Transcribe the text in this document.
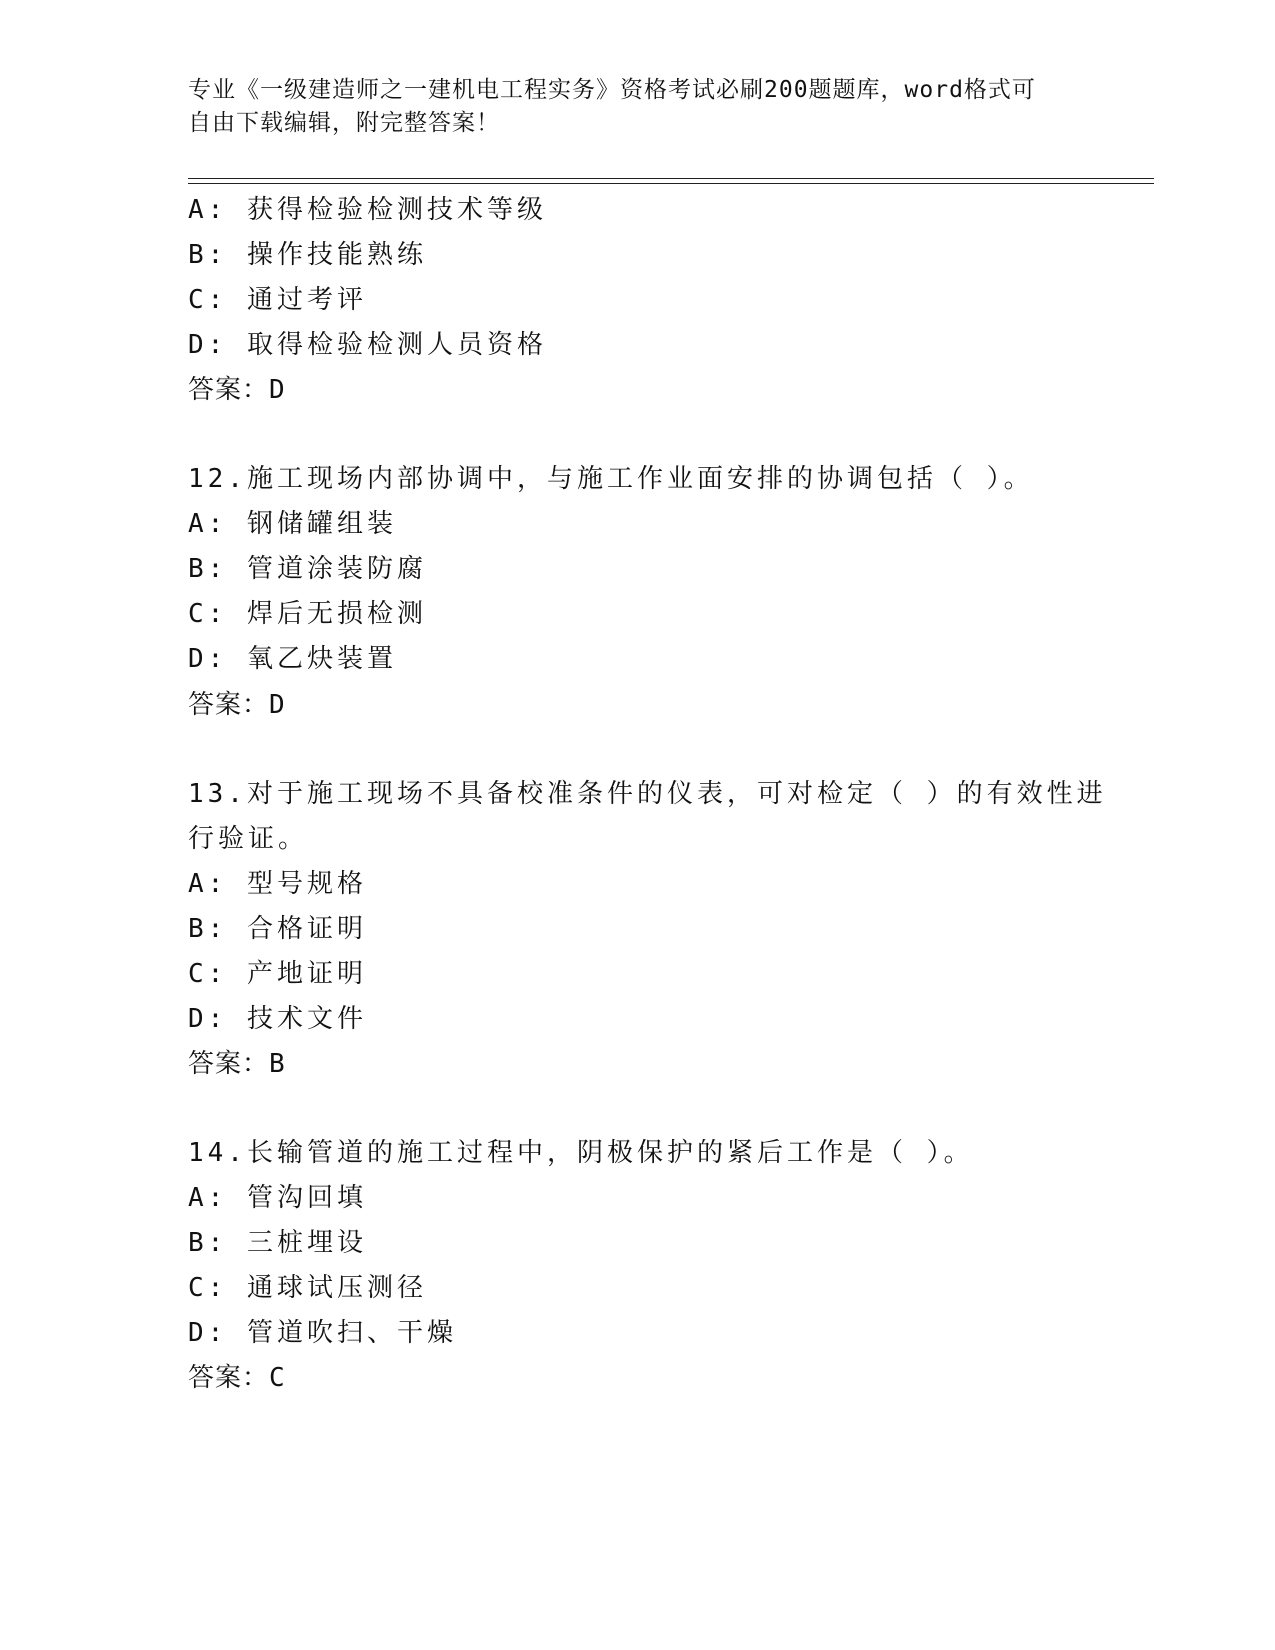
专业《一级建造师之一建机电工程实务》资格考试必刷200题题库，word格式可
自由下载编辑，附完整答案！
A: 获得检验检测技术等级
B: 操作技能熟练
C: 通过考评
D: 取得检验检测人员资格
答案：D
12.施工现场内部协调中，与施工作业面安排的协调包括（ ）。
A: 钢储罐组装
B: 管道涂装防腐
C: 焊后无损检测
D: 氧乙炔装置
答案：D
13.对于施工现场不具备校准条件的仪表，可对检定（ ）的有效性进
行验证。
A: 型号规格
B: 合格证明
C: 产地证明
D: 技术文件
答案：B
14.长输管道的施工过程中，阴极保护的紧后工作是（ ）。
A: 管沟回填
B: 三桩埋设
C: 通球试压测径
D: 管道吹扫、干燥
答案：C
